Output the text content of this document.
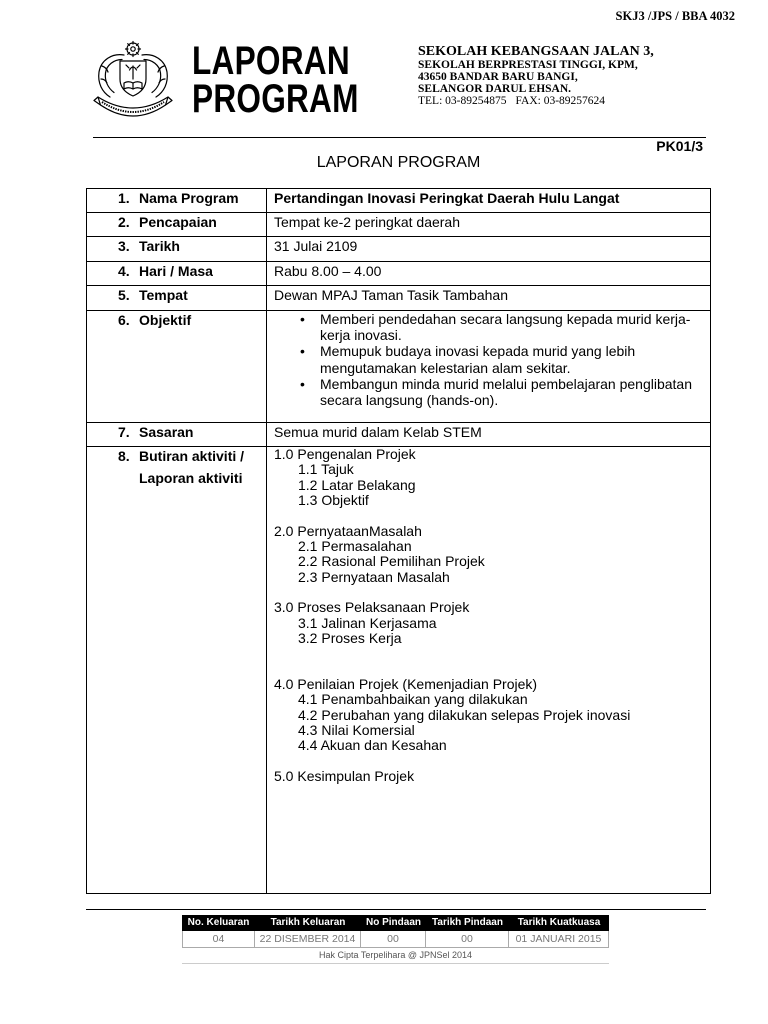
SKJ3 /JPS / BBA 4032
LAPORAN
PROGRAM
SEKOLAH KEBANGSAAN JALAN 3,
SEKOLAH BERPRESTASI TINGGI, KPM,
43650 BANDAR BARU BANGI,
SELANGOR DARUL EHSAN.
TEL: 03-89254875 FAX: 03-89257624
PK01/3
LAPORAN PROGRAM
1. Nama Program	Pertandingan Inovasi Peringkat Daerah Hulu Langat
2. Pencapaian	Tempat ke-2 peringkat daerah
3. Tarikh	31 Julai 2109
4. Hari / Masa	Rabu 8.00 – 4.00
5. Tempat	Dewan MPAJ Taman Tasik Tambahan
6. Objektif
•	Memberi pendedahan secara langsung kepada murid kerja-kerja inovasi.
•
Memupuk budaya inovasi kepada murid yang lebih mengutamakan kelestarian alam sekitar.
•
Membangun minda murid melalui pembelajaran penglibatan secara langsung (hands-on).
7. Sasaran	Semua murid dalam Kelab STEM
8. Butiran aktiviti /
Laporan aktiviti
1.0 Pengenalan Projek
1.1 Tajuk
1.2 Latar Belakang
1.3 Objektif
2.0 PernyataanMasalah
2.1 Permasalahan
2.2 Rasional Pemilihan Projek
2.3 Pernyataan Masalah
3.0 Proses Pelaksanaan Projek
3.1 Jalinan Kerjasama
3.2 Proses Kerja
4.0 Penilaian Projek (Kemenjadian Projek)
4.1 Penambahbaikan yang dilakukan
4.2 Perubahan yang dilakukan selepas Projek inovasi
4.3 Nilai Komersial
4.4 Akuan dan Kesahan
5.0 Kesimpulan Projek
No. Keluaran	Tarikh Keluaran	No Pindaan	Tarikh Pindaan	Tarikh Kuatkuasa
04	22 DISEMBER 2014	00	00	01 JANUARI 2015
Hak Cipta Terpelihara @ JPNSel 2014
